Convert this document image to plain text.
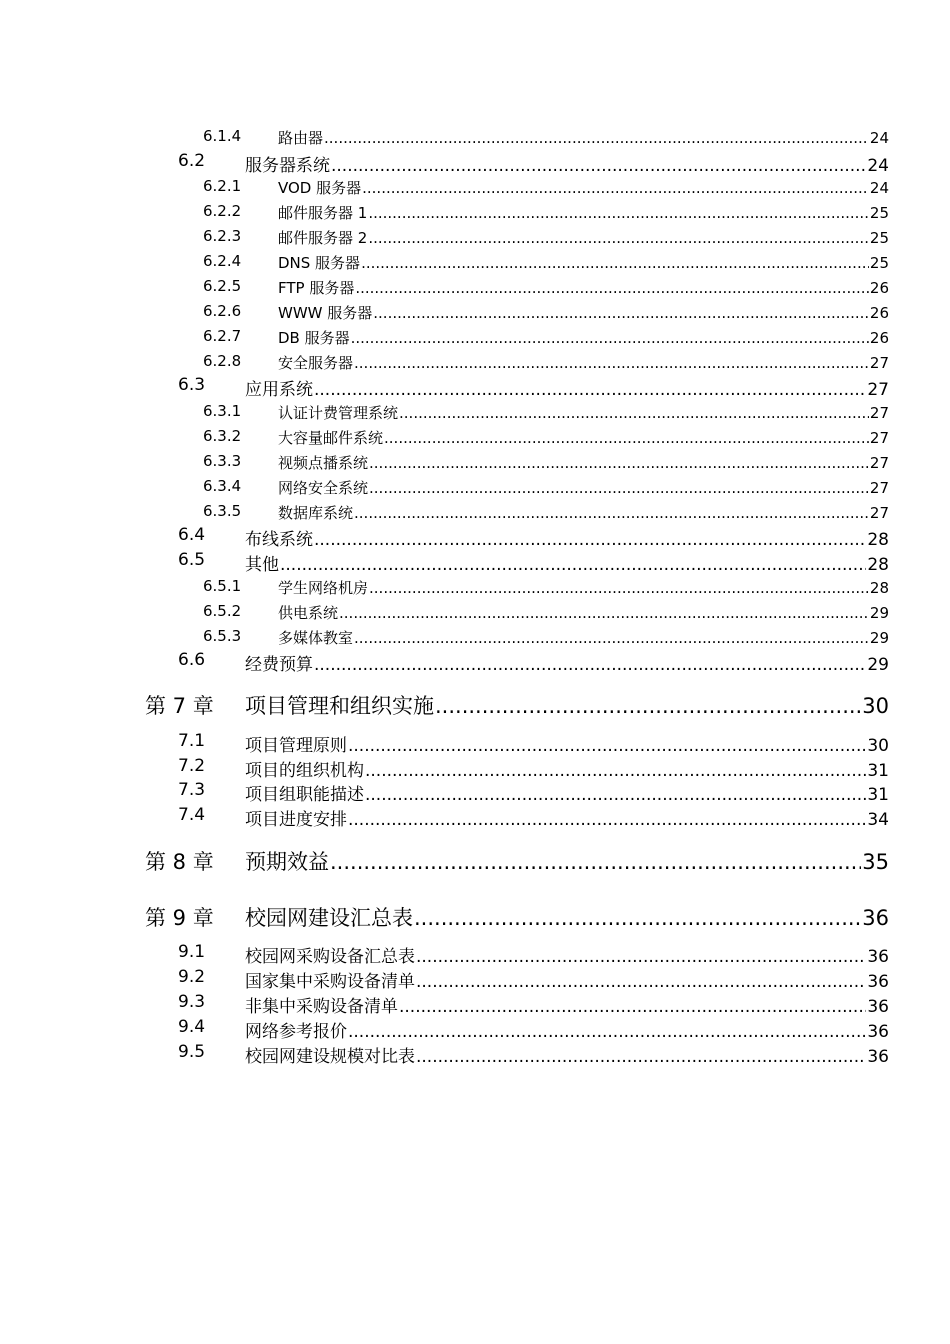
6.1.4 路由器 .....	24
6.2 服务器系统 .....	24
6.2.1 VOD 服务器 .....	24
6.2.2 邮件服务器 1 .....	25
6.2.3 邮件服务器 2 .....	25
6.2.4 DNS 服务器 .....	25
6.2.5 FTP 服务器 .....	26
6.2.6 WWW 服务器 .....	26
6.2.7 DB 服务器 .....	26
6.2.8 安全服务器 .....	27
6.3 应用系统 .....	27
6.3.1 认证计费管理系统 .....	27
6.3.2 大容量邮件系统 .....	27
6.3.3 视频点播系统 .....	27
6.3.4 网络安全系统 .....	27
6.3.5 数据库系统 .....	27
6.4 布线系统 .....	28
6.5 其他 .....	28
6.5.1 学生网络机房 .....	28
6.5.2 供电系统 .....	29
6.5.3 多媒体教室 .....	29
6.6 经费预算 .....	29
第 7 章 项目管理和组织实施 .....	30
7.1 项目管理原则 .....	30
7.2 项目的组织机构 .....	31
7.3 项目组职能描述 .....	31
7.4 项目进度安排 .....	34
第 8 章 预期效益 .....	35
第 9 章 校园网建设汇总表 .....	36
9.1 校园网采购设备汇总表 .....	36
9.2 国家集中采购设备清单 .....	36
9.3 非集中采购设备清单 .....	36
9.4 网络参考报价 .....	36
9.5 校园网建设规模对比表 .....	36
